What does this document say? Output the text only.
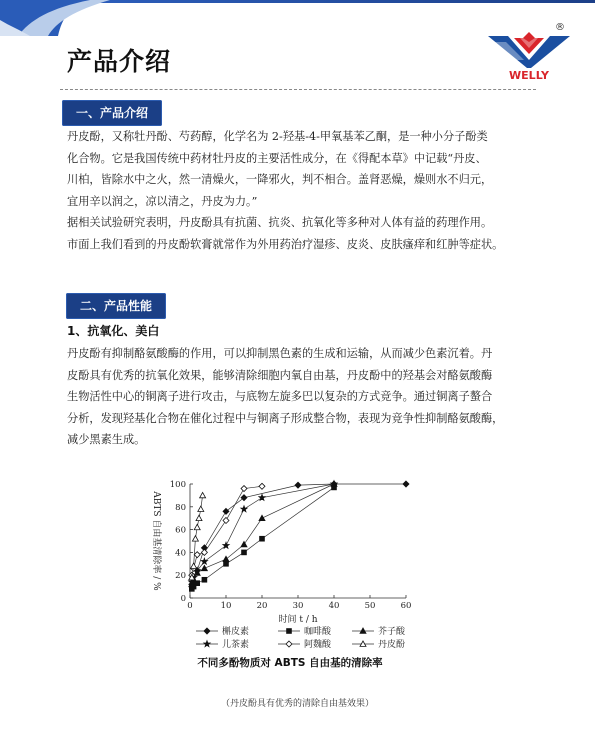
产品介绍
®
WELLY
一、产品介绍

丹皮酚，又称牡丹酚、芍药醇，化学名为 2-羟基-4-甲氧基苯乙酮，是一种小分子酚类

化合物。它是我国传统中药材牡丹皮的主要活性成分，在《得配本草》中记载“丹皮、

川柏，皆除水中之火，然一清燥火，一降邪火，判不相合。盖肾恶燥，燥则水不归元，

宜用辛以润之，凉以清之，丹皮为力。”

据相关试验研究表明，丹皮酚具有抗菌、抗炎、抗氧化等多种对人体有益的药理作用。

市面上我们看到的丹皮酚软膏就常作为外用药治疗湿疹、皮炎、皮肤瘙痒和红肿等症状。

二、产品性能
1、抗氧化、美白

丹皮酚有抑制酪氨酸酶的作用，可以抑制黑色素的生成和运输，从而减少色素沉着。丹

皮酚具有优秀的抗氧化效果，能够清除细胞内氧自由基，丹皮酚中的羟基会对酪氨酸酶

生物活性中心的铜离子进行攻击，与底物左旋多巴以复杂的方式竞争。通过铜离子螯合

分析，发现羟基化合物在催化过程中与铜离子形成整合物，表现为竞争性抑制酪氨酸酶，

减少黑素生成。

0	10	20	30	40	50	60
0
20
40
60
80
100
时间 t / h
ABTS 自由基清除率 / %
槲皮素	咖啡酸	芥子酸
儿茶素	阿魏酸	丹皮酚
不同多酚物质对 ABTS 自由基的清除率
（丹皮酚具有优秀的清除自由基效果）
